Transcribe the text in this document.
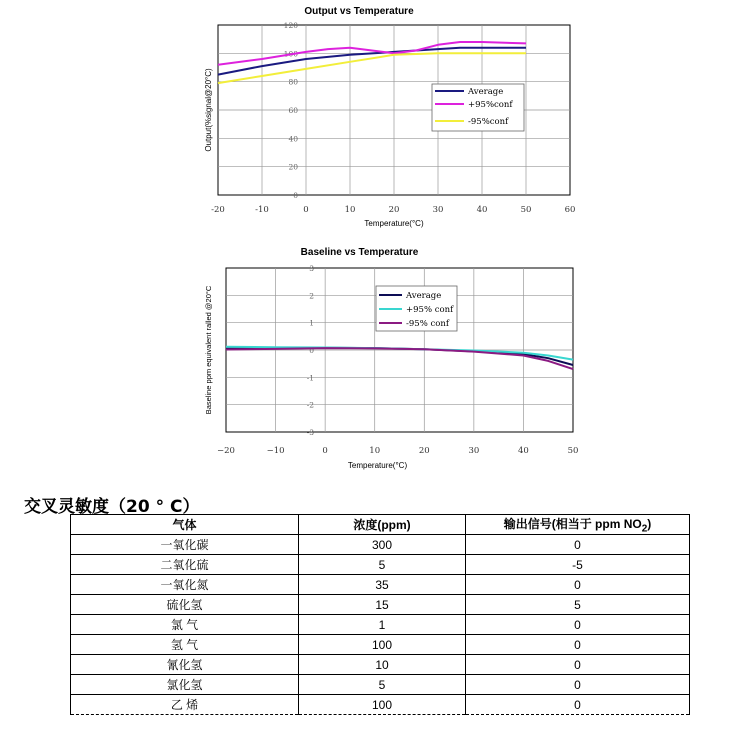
Output vs Temperature
0
20
40
60
80
100
120
-20	-10	0	10	20	30	40	50	60
Temperature(°C)
Output(%signal@20°C)	Average
+95%conf
-95%conf
Baseline vs Temperature
-3
-2
-1
0
1
2
3
−20	−10	0	10	20	30	40	50
Temperature(°C)
Baseline ppm equivalent ralled @20°C	Average
+95% conf
-95% conf
交叉灵敏度（20 ° C）
气体	浓度(ppm)	输出信号(相当于 ppm $NO_2$)
一氧化碳	300	0
二氧化硫	5	-5
一氧化氮	35	0
硫化氢	15	5
氯 气	1	0
氢 气	100	0
氰化氢	10	0
氯化氢	5	0
乙 烯	100	0
